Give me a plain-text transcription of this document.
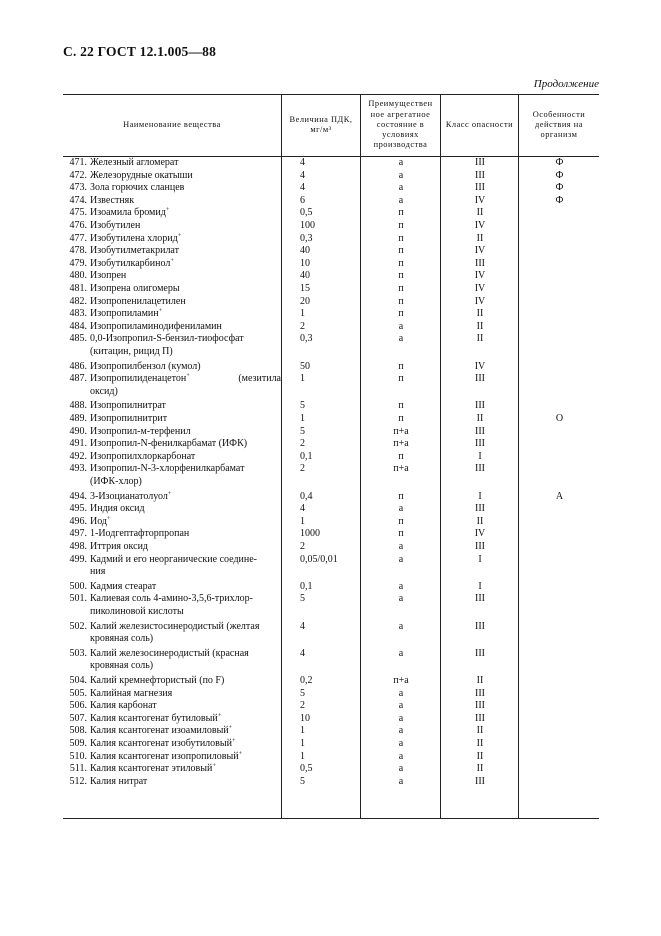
С. 22 ГОСТ 12.1.005—88
Продолжение
Наименование вещества
Величина ПДК, мг/м³
Преимуществен
ное агрегатное
состояние в
условиях
производства
Класс опасности
Особенности
действия на
организм
471. Железный агломерат	4	а	III	Ф
472. Железорудные окатыши	4	а	III	Ф
473. Зола горючих сланцев	4	а	III	Ф
474. Известняк	6	а	IV	Ф
475. Изоамила бромид+	0,5	п	II
476. Изобутилен	100	п	IV
477. Изобутилена хлорид+	0,3	п	II
478. Изобутилметакрилат	40	п	IV
479. Изобутилкарбинол+	10	п	III
480. Изопрен	40	п	IV
481. Изопрена олигомеры	15	п	IV
482. Изопропенилацетилен	20	п	IV
483. Изопропиламин+	1	п	II
484. Изопропиламинодифениламин	2	а	II
485. 0,0-Изопропил-S-бензил-тиофосфат
(китацин, рицид П)
0,3	а	II
486. Изопропилбензол (кумол)	50	п	IV
487. Изопропилиденацетон+	(мезитила
оксид)
1	п	III
488. Изопропилнитрат	5	п	III
489. Изопропилнитрит	1	п	II	О
490. Изопропил-м-терфенил	5	п+а	III
491. Изопропил-N-фенилкарбамат (ИФК)	2	п+а	III
492. Изопропилхлоркарбонат	0,1	п	I
493. Изопропил-N-3-хлорфенилкарбамат
(ИФК-хлор)
2	п+а	III
494. 3-Изоцианатолуол+	0,4	п	I	А
495. Индия оксид	4	а	III
496. Иод+	1	п	II
497. 1-Иодгептафторпропан	1000	п	IV
498. Иттрия оксид	2	а	III
499. Кадмий и его неорганические соедине-
ния
0,05/0,01	а	I
500. Кадмия стеарат	0,1	а	I
501. Калиевая соль 4-амино-3,5,6-трихлор-
пиколиновой кислоты
5	а	III
502. Калий железистосинеродистый (желтая
кровяная соль)
4	а	III
503. Калий железосинеродистый (красная
кровяная соль)
4	а	III
504. Калий кремнефтористый (по F)	0,2	п+а	II
505. Калийная магнезия	5	а	III
506. Калия карбонат	2	а	III
507. Калия ксантогенат бутиловый+	10	а	III
508. Калия ксантогенат изоамиловый+	1	а	II
509. Калия ксантогенат изобутиловый+	1	а	II
510. Калия ксантогенат изопропиловый+	1	а	II
511. Калия ксантогенат этиловый+	0,5	а	II
512. Калия нитрат	5	а	III
